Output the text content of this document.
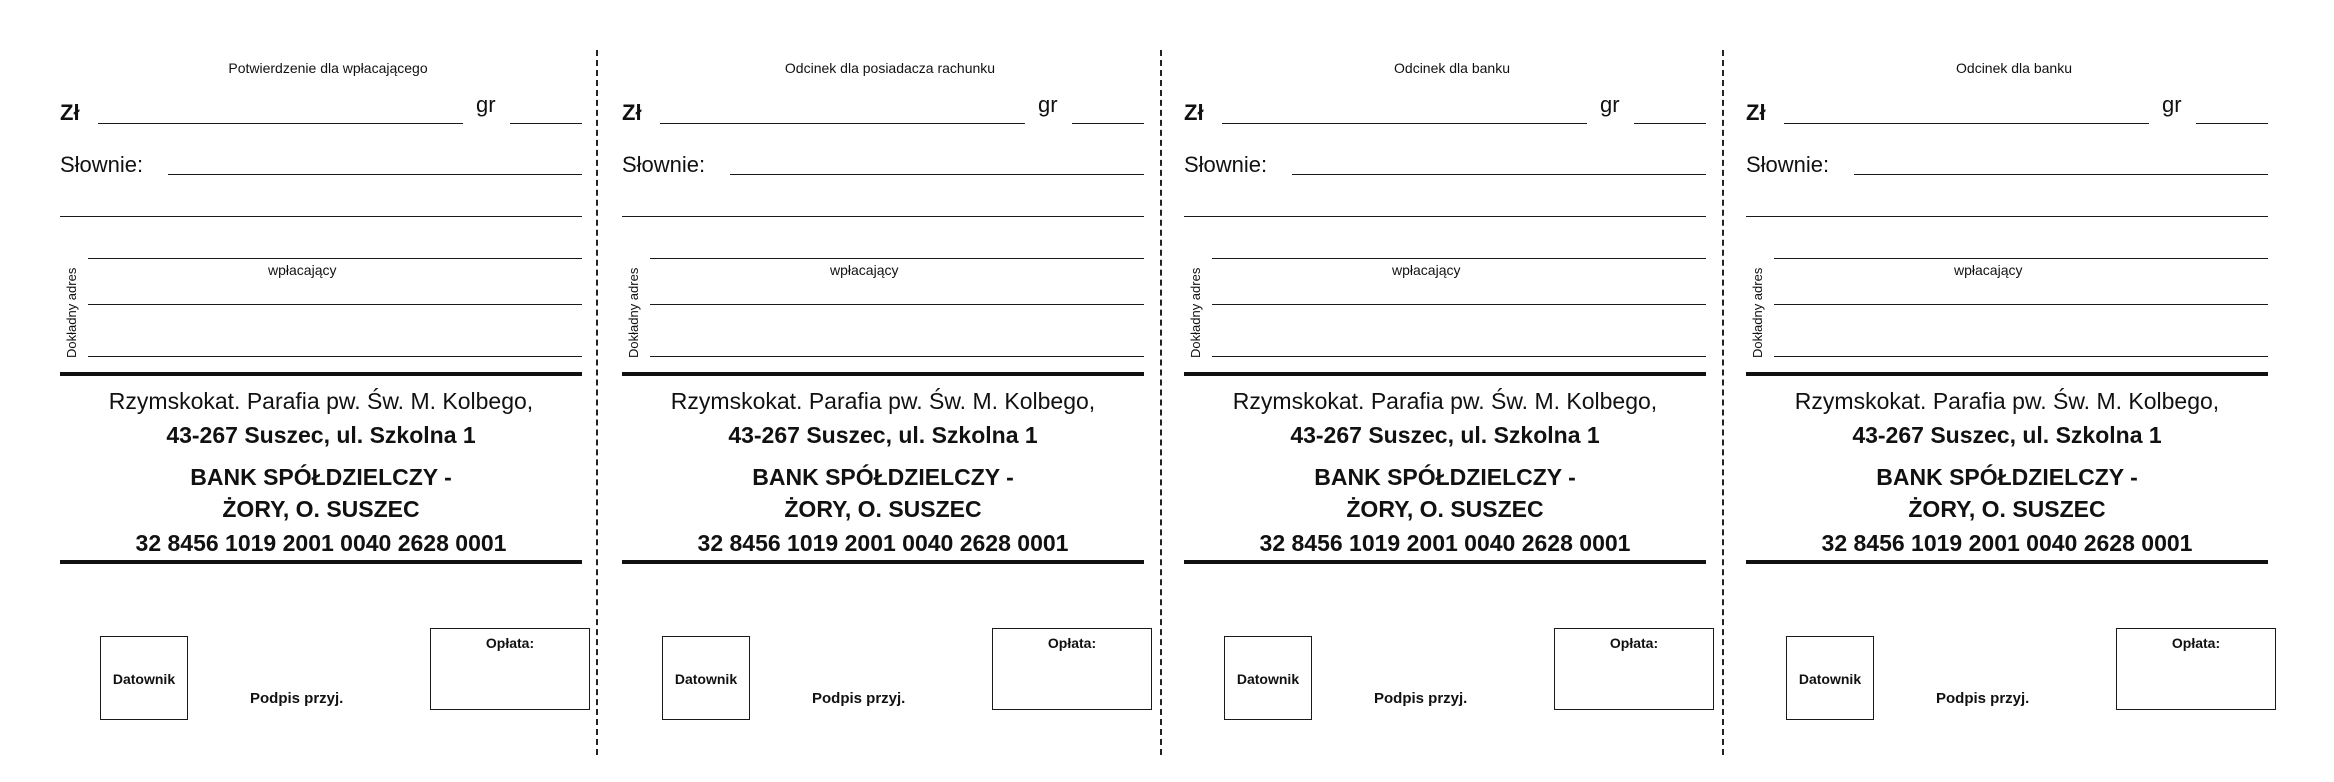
Potwierdzenie dla wpłacającego
Zł	gr
Słownie:
Dokładny adres	wpłacający
Rzymskokat. Parafia pw. Św. M. Kolbego,
43-267 Suszec, ul. Szkolna 1
BANK SPÓŁDZIELCZY -
ŻORY, O. SUSZEC
32 8456 1019 2001 0040 2628 0001
Datownik
Podpis przyj.
Opłata:
Odcinek dla posiadacza rachunku
Zł	gr
Słownie:
Dokładny adres	wpłacający
Rzymskokat. Parafia pw. Św. M. Kolbego,
43-267 Suszec, ul. Szkolna 1
BANK SPÓŁDZIELCZY -
ŻORY, O. SUSZEC
32 8456 1019 2001 0040 2628 0001
Datownik
Podpis przyj.
Opłata:
Odcinek dla banku
Zł	gr
Słownie:
Dokładny adres	wpłacający
Rzymskokat. Parafia pw. Św. M. Kolbego,
43-267 Suszec, ul. Szkolna 1
BANK SPÓŁDZIELCZY -
ŻORY, O. SUSZEC
32 8456 1019 2001 0040 2628 0001
Datownik
Podpis przyj.
Opłata:
Odcinek dla banku
Zł	gr
Słownie:
Dokładny adres	wpłacający
Rzymskokat. Parafia pw. Św. M. Kolbego,
43-267 Suszec, ul. Szkolna 1
BANK SPÓŁDZIELCZY -
ŻORY, O. SUSZEC
32 8456 1019 2001 0040 2628 0001
Datownik
Podpis przyj.
Opłata:
